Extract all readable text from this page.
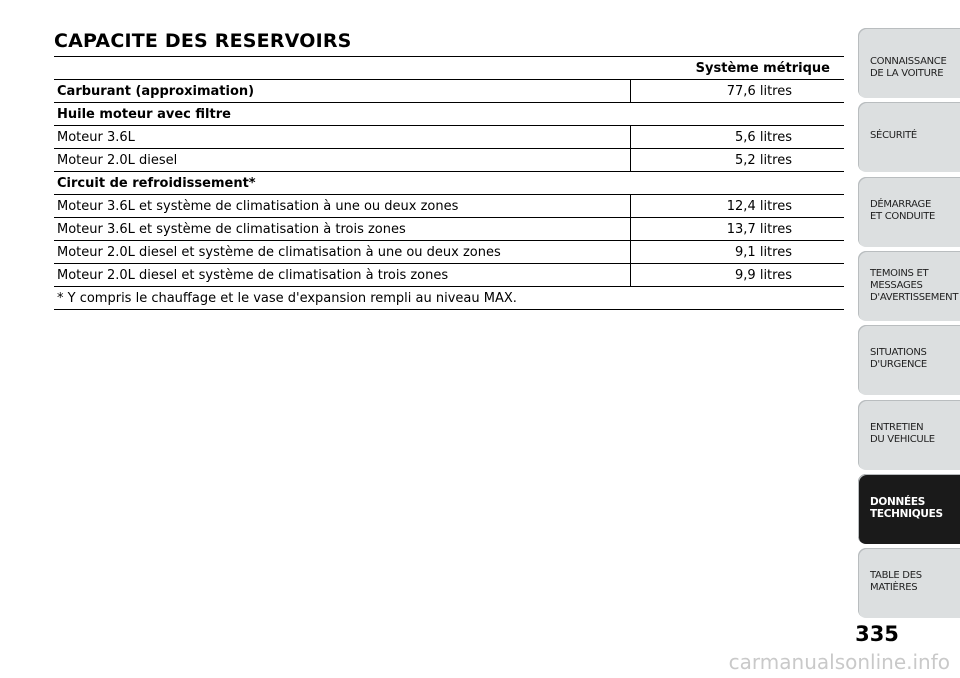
CAPACITE DES RESERVOIRS
	Système métrique
Carburant (approximation)	77,6 litres
Huile moteur avec filtre	
Moteur 3.6L	5,6 litres
Moteur 2.0L diesel	5,2 litres
Circuit de refroidissement*	
Moteur 3.6L et système de climatisation à une ou deux zones	12,4 litres
Moteur 3.6L et système de climatisation à trois zones	13,7 litres
Moteur 2.0L diesel et système de climatisation à une ou deux zones	9,1 litres
Moteur 2.0L diesel et système de climatisation à trois zones	9,9 litres
* Y compris le chauffage et le vase d'expansion rempli au niveau MAX.	
CONNAISSANCE
DE LA VOITURE
SÉCURITÉ
DÉMARRAGE
ET CONDUITE
TEMOINS ET
MESSAGES
D'AVERTISSEMENT
SITUATIONS
D'URGENCE
ENTRETIEN
DU VEHICULE
DONNÉES
TECHNIQUES
TABLE DES
MATIÈRES
335
carmanualsonline.info
